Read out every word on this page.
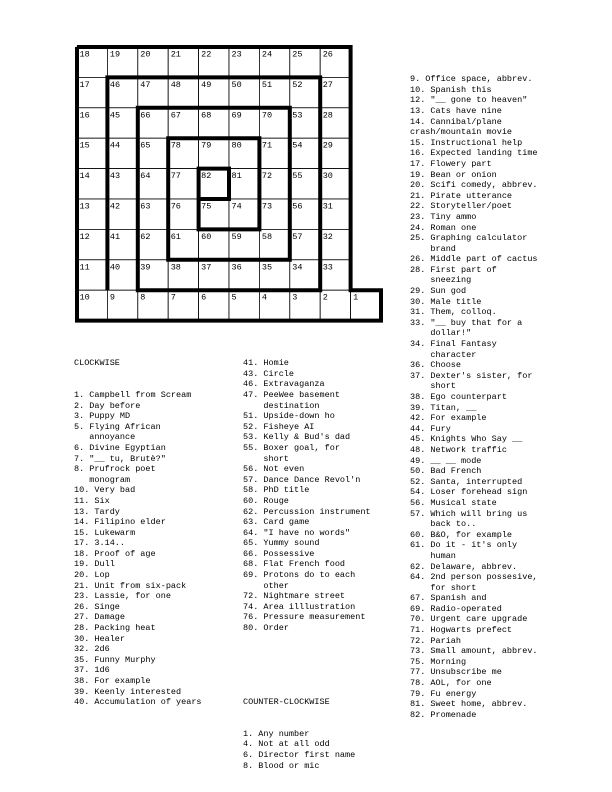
18 19 20 21 22 23 24 25 26
17 46 47 48 49 50 51 52 27
16 45 66 67 68 69 70 53 28
15 44 65 78 79 80 71 54 29
14 43 64 77 82 81 72 55 30
13 42 63 76 75 74 73 56 31
12 41 62 61 60 59 58 57 32
11 40 39 38 37 36 35 34 33
10 9	8	7	6	5	4	3	2	1

CLOCKWISE

1. Campbell from Scream
2. Day before
3. Puppy MD
5. Flying African
annoyance
6. Divine Egyptian
7. "__ tu, Brutè?"
8. Prufrock poet
monogram
10. Very bad
11. Six
13. Tardy
14. Filipino elder
15. Lukewarm
17. 3.14..
18. Proof of age
19. Dull
20. Lop
21. Unit from six-pack
23. Lassie, for one
26. Singe
27. Damage
28. Packing heat
30. Healer
32. 2d6
35. Funny Murphy
37. 1d6
38. For example
39. Keenly interested
40. Accumulation of years

41. Homie
43. Circle
46. Extravaganza
47. PeeWee basement
destination
51. Upside-down ho
52. Fisheye AI
53. Kelly & Bud's dad
55. Boxer goal, for
short
56. Not even
57. Dance Dance Revol'n
58. PhD title
60. Rouge
62. Percussion instrument
63. Card game
64. "I have no words"
65. Yummy sound
66. Possessive
68. Flat French food
69. Protons do to each
other
72. Nightmare street
74. Area illlustration
76. Pressure measurement
80. Order

COUNTER-CLOCKWISE

1. Any number
4. Not at all odd
6. Director first name
8. Blood or mic

9. Office space, abbrev.
10. Spanish this
12. "__ gone to heaven"
13. Cats have nine
14. Cannibal/plane
crash/mountain movie
15. Instructional help
16. Expected landing time
17. Flowery part
19. Bean or onion
20. Scifi comedy, abbrev.
21. Pirate utterance
22. Storyteller/poet
23. Tiny ammo
24. Roman one
25. Graphing calculator
brand
26. Middle part of cactus
28. First part of
sneezing
29. Sun god
30. Male title
31. Them, colloq.
33. "__ buy that for a
dollar!"
34. Final Fantasy
character
36. Choose
37. Dexter's sister, for
short
38. Ego counterpart
39. Titan, __
42. For example
44. Fury
45. Knights Who Say __
48. Network traffic
49. __ __ mode
50. Bad French
52. Santa, interrupted
54. Loser forehead sign
56. Musical state
57. Which will bring us
back to..
60. B&O, for example
61. Do it - it's only
human
62. Delaware, abbrev.
64. 2nd person possesive,
for short
67. Spanish and
69. Radio-operated
70. Urgent care upgrade
71. Hogwarts prefect
72. Pariah
73. Small amount, abbrev.
75. Morning
77. Unsubscribe me
78. AOL, for one
79. Fu energy
81. Sweet home, abbrev.
82. Promenade
